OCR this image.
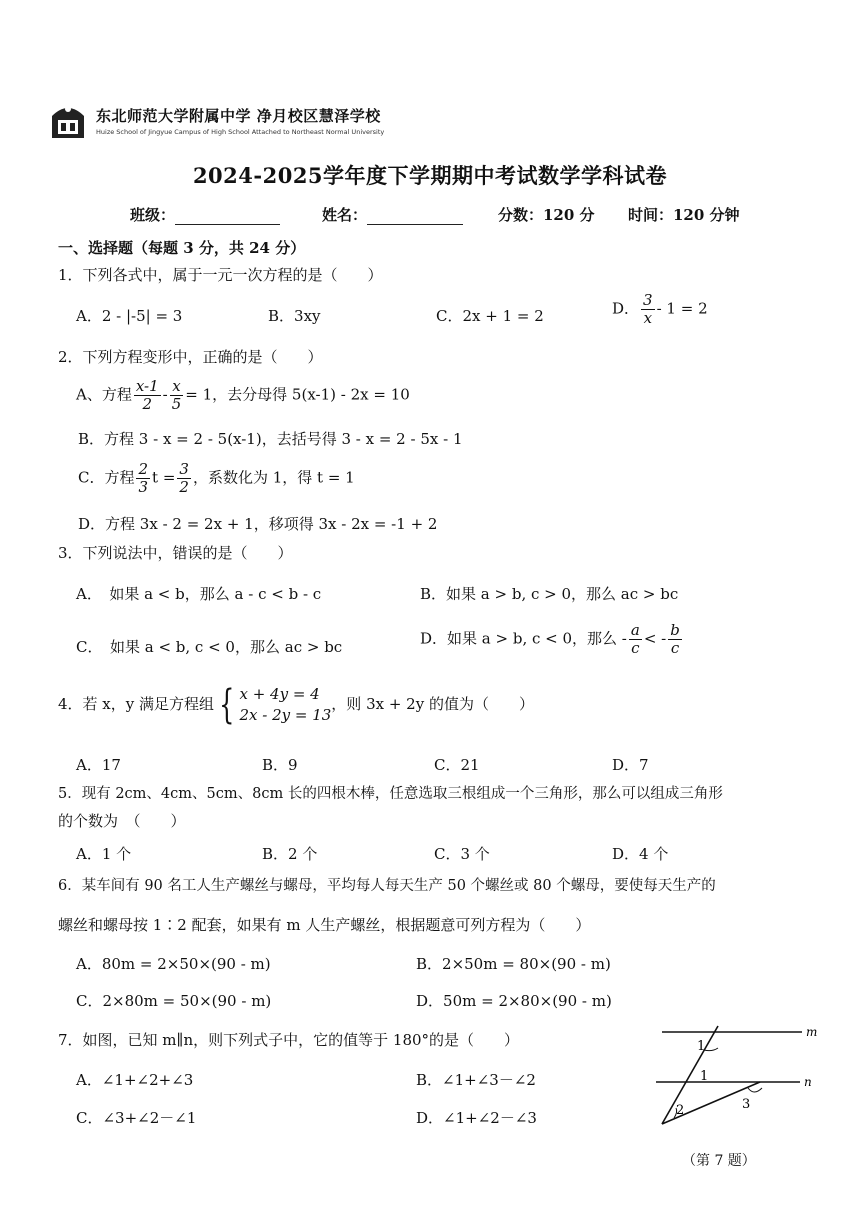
东北师范大学附属中学 净月校区慧泽学校
Huize School of Jingyue Campus of High School Attached to Northeast Normal University
2024-2025学年度下学期期中考试数学学科试卷
班级：	姓名：	分数：120 分 时间：120 分钟
一、选择题（每题 3 分，共 24 分）
1．下列各式中，属于一元一次方程的是（　　）
A．2 - |-5| = 3	B．3xy	C．2x + 1 = 2	D． $\frac{3}{x} - 1 = 2$
2．下列方程变形中，正确的是（　　）
A、方程 $\frac{x-1}{2} - \frac{x}{5} = 1$，去分母得 5(x-1) - 2x = 10
B．方程 3 - x = 2 - 5(x-1)，去括号得 3 - x = 2 - 5x - 1
C．方程 $\frac{2}{3}$ $t = \frac{3}{2}$ ，系数化为 1，得 t = 1
D．方程 3x - 2 = 2x + 1，移项得 3x - 2x = -1 + 2
3．下列说法中，错误的是（　　）
A．　如果 a < b，那么 a - c < b - c	B．如果 a > b, c > 0，那么 ac > bc
C．　如果 a < b, c < 0，那么 ac > bc	D．如果 a > b, c < 0，那么 - $\frac{a}{c}$ < - $\frac{b}{c}$
4．若 x，y 满足方程组 { x + 4y = 4
2x - 2y = 13
，则 3x + 2y 的值为（　　）
A．17	B．9	C．21	D．7
5．现有 2cm、4cm、5cm、8cm 长的四根木棒，任意选取三根组成一个三角形，那么可以组成三角形
的个数为　（　　）
A．1 个	B．2 个	C．3 个	D．4 个
6．某车间有 90 名工人生产螺丝与螺母，平均每人每天生产 50 个螺丝或 80 个螺母，要使每天生产的
螺丝和螺母按 1∶2 配套，如果有 m 人生产螺丝，根据题意可列方程为（　　）
A．80m = 2×50×(90 - m)	B．2×50m = 80×(90 - m)
C．2×80m = 50×(90 - m)	D．50m = 2×80×(90 - m)
7．如图，已知 m∥n，则下列式子中，它的值等于 180°的是（　　）
A．∠1+∠2+∠3	B．∠1+∠3－∠2
C．∠3+∠2－∠1	D．∠1+∠2－∠3
1
1
2	3
m
n
（第 7 题）
